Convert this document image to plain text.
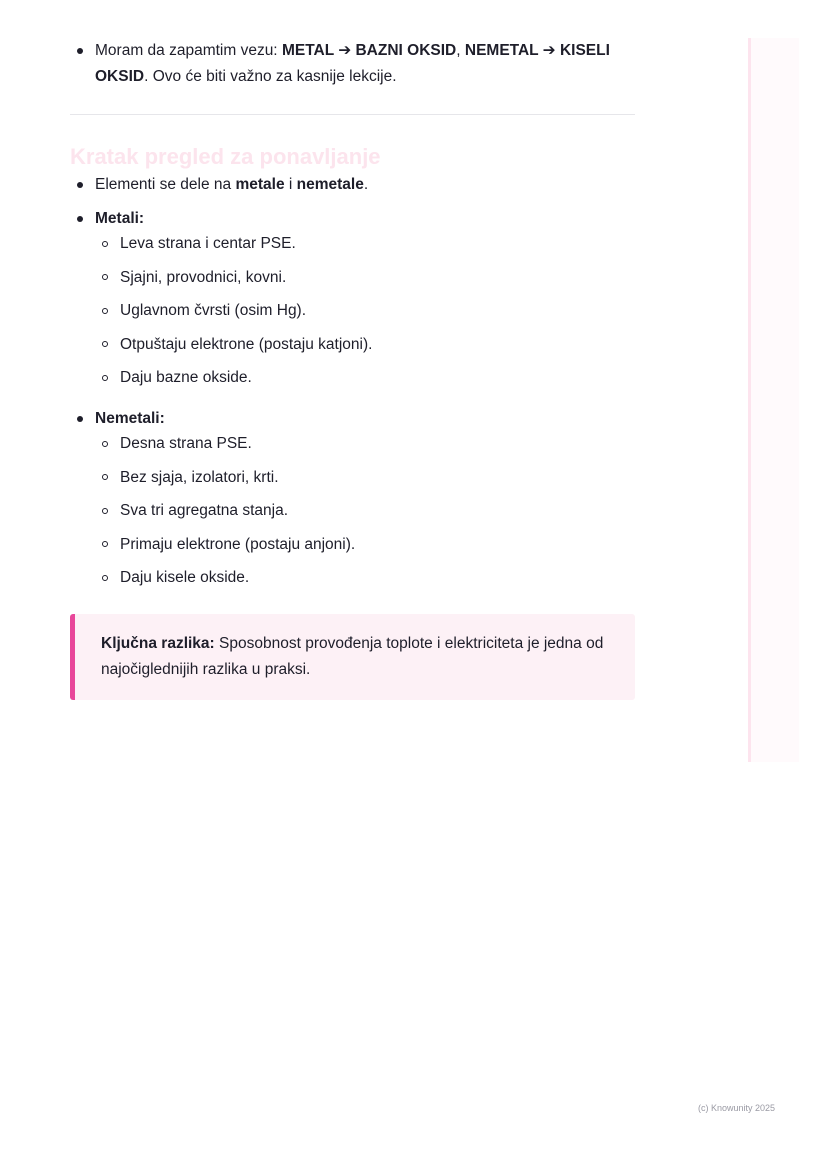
Moram da zapamtim vezu: METAL ➔ BAZNI OKSID, NEMETAL ➔ KISELI OKSID. Ovo će biti važno za kasnije lekcije.
Kratak pregled za ponavljanje
Elementi se dele na metale i nemetale.
Metali:
Leva strana i centar PSE.
Sjajni, provodnici, kovni.
Uglavnom čvrsti (osim Hg).
Otpuštaju elektrone (postaju katjoni).
Daju bazne okside.
Nemetali:
Desna strana PSE.
Bez sjaja, izolatori, krti.
Sva tri agregatna stanja.
Primaju elektrone (postaju anjoni).
Daju kisele okside.
Ključna razlika: Sposobnost provođenja toplote i elektriciteta je jedna od najočiglednijih razlika u praksi.
(c) Knowunity 2025
